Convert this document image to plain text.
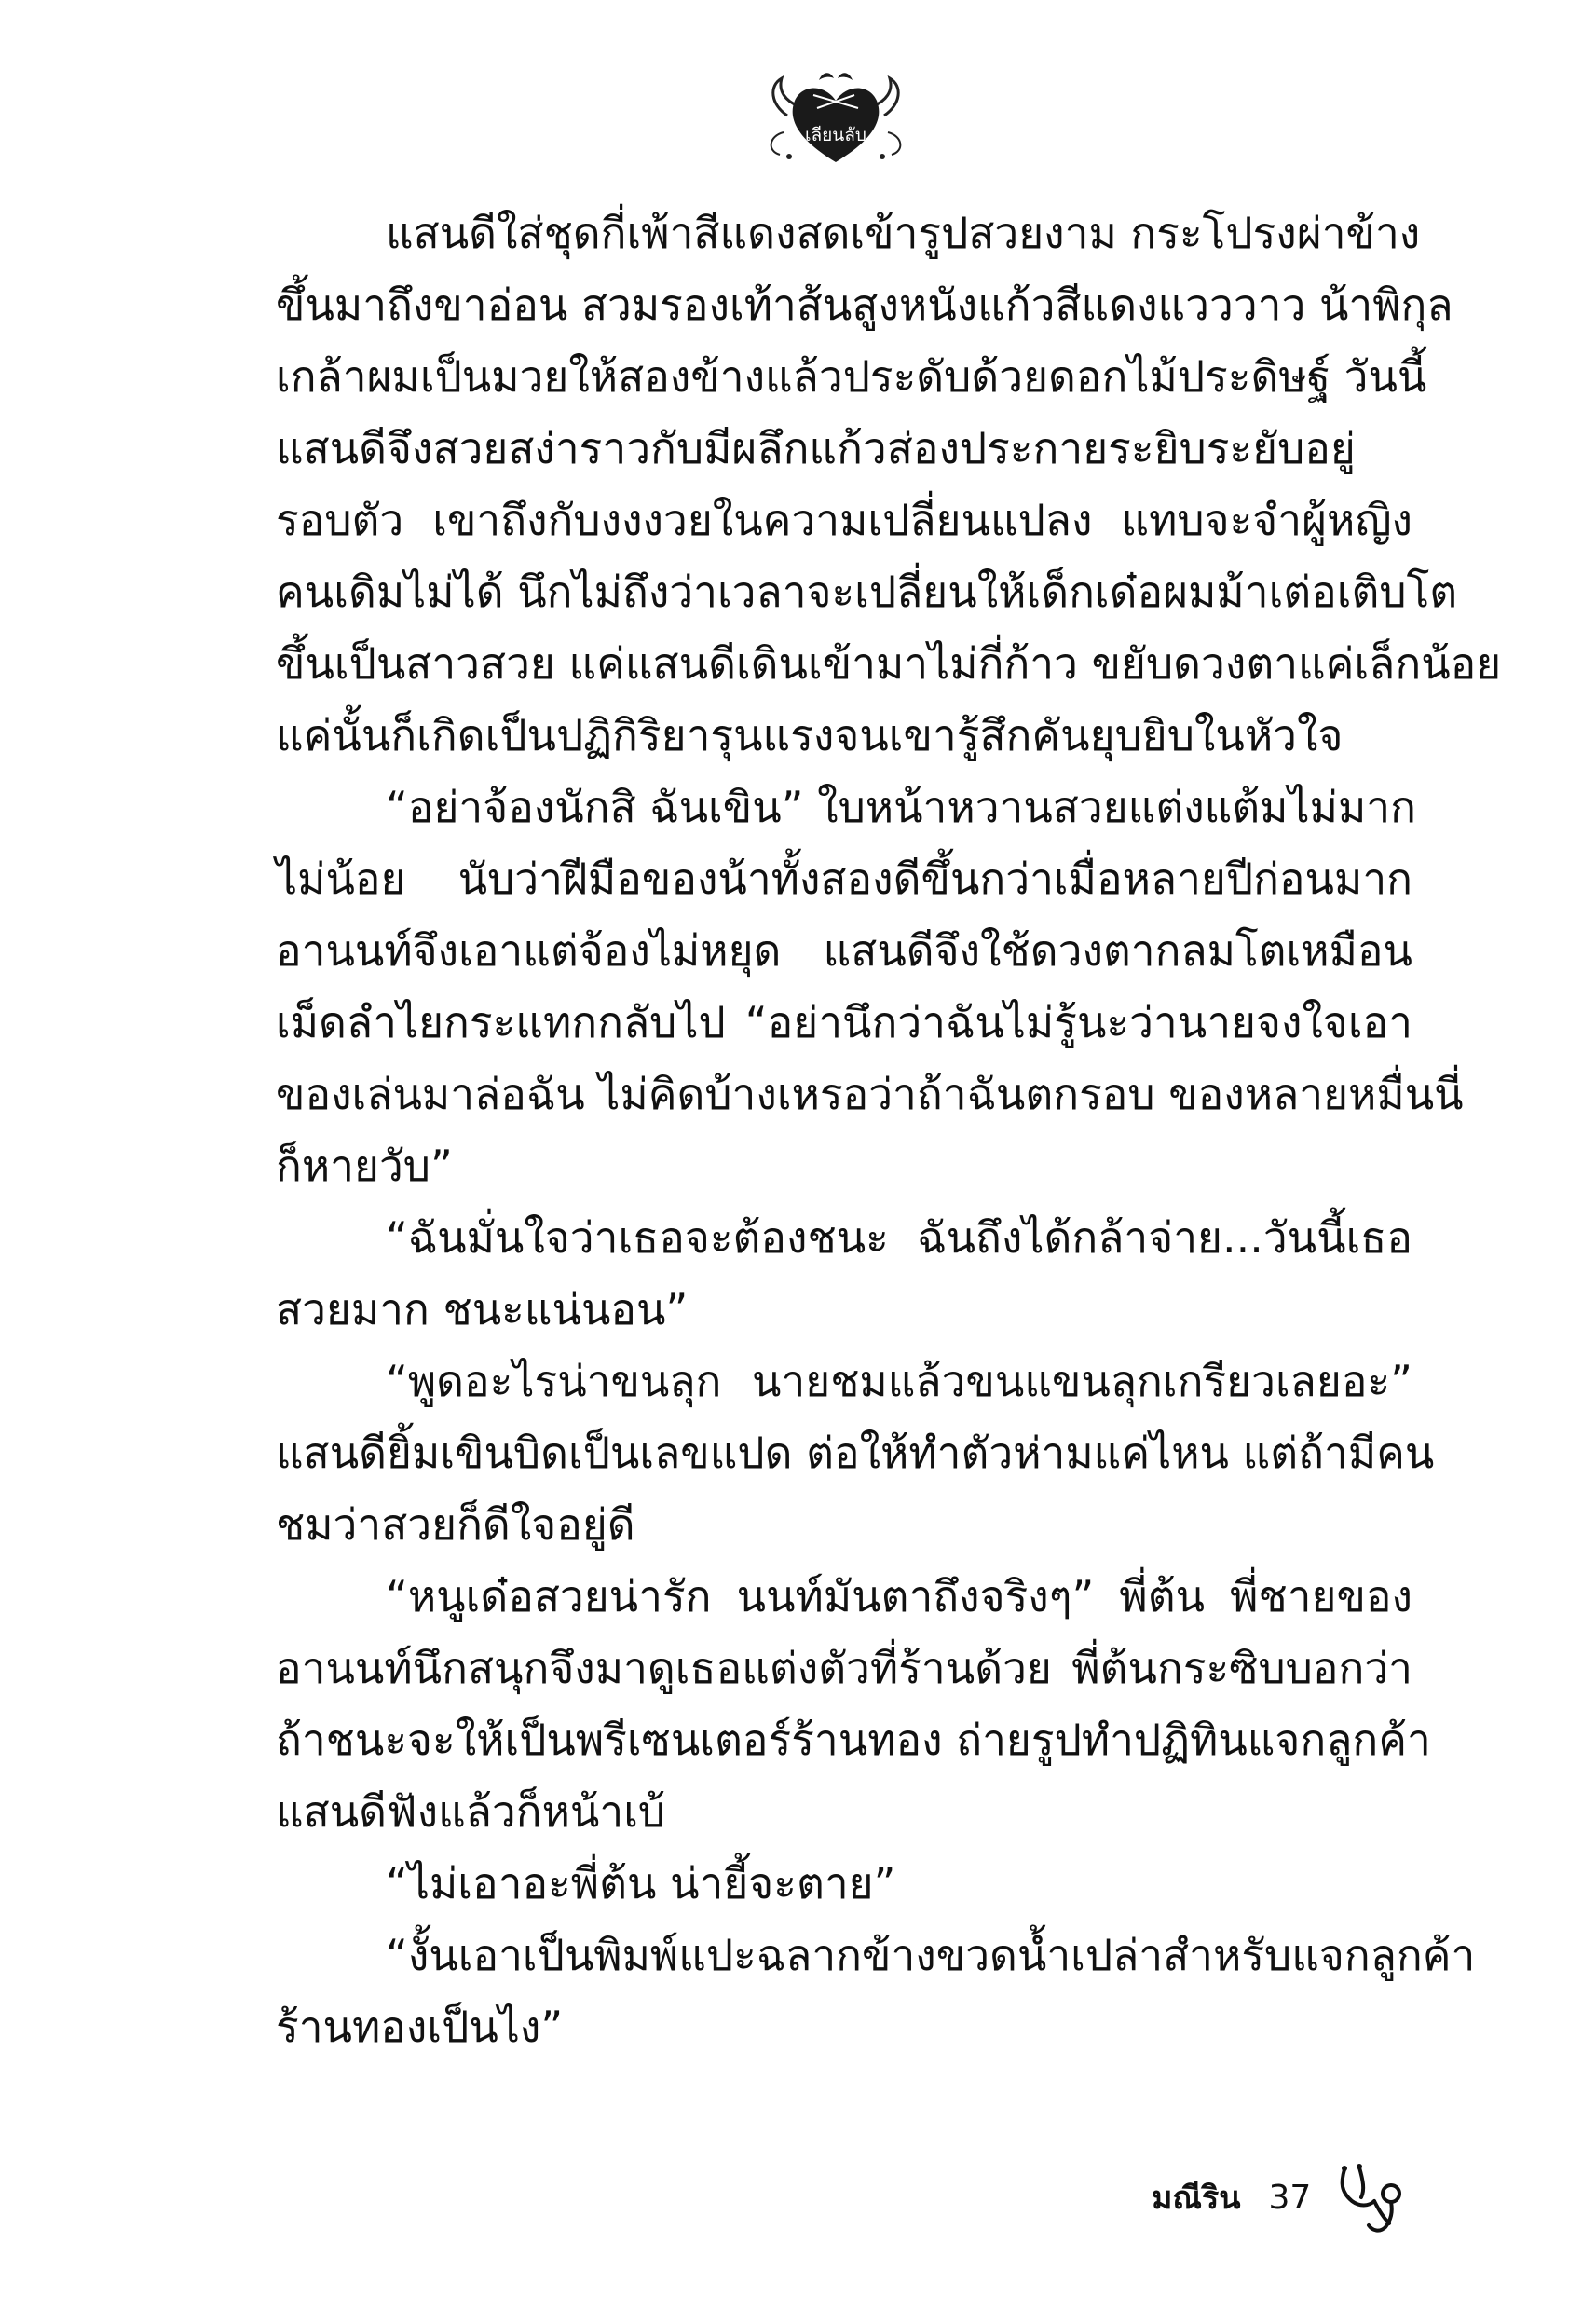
เลียนลับ
แสนดีใส่ชุดกี่เพ้าสีแดงสดเข้ารูปสวยงาม กระโปรงผ่าข้าง
ขึ้นมาถึงขาอ่อน สวมรองเท้าส้นสูงหนังแก้วสีแดงแวววาว น้าพิกุล
เกล้าผมเป็นมวยให้สองข้างแล้วประดับด้วยดอกไม้ประดิษฐ์ วันนี้
แสนดีจึงสวยสง่าราวกับมีผลึกแก้วส่องประกายระยิบระยับอยู่
รอบตัว เขาถึงกับงงงวยในความเปลี่ยนแปลง แทบจะจำผู้หญิง
คนเดิมไม่ได้ นึกไม่ถึงว่าเวลาจะเปลี่ยนให้เด็กเด๋อผมม้าเต่อเติบโต
ขึ้นเป็นสาวสวย แค่แสนดีเดินเข้ามาไม่กี่ก้าว ขยับดวงตาแค่เล็กน้อย
แค่นั้นก็เกิดเป็นปฏิกิริยารุนแรงจนเขารู้สึกคันยุบยิบในหัวใจ
“อย่าจ้องนักสิ ฉันเขิน” ใบหน้าหวานสวยแต่งแต้มไม่มาก
ไม่น้อย นับว่าฝีมือของน้าทั้งสองดีขึ้นกว่าเมื่อหลายปีก่อนมาก
อานนท์จึงเอาแต่จ้องไม่หยุด แสนดีจึงใช้ดวงตากลมโตเหมือน
เม็ดลำไยกระแทกกลับไป “อย่านึกว่าฉันไม่รู้นะว่านายจงใจเอา
ของเล่นมาล่อฉัน ไม่คิดบ้างเหรอว่าถ้าฉันตกรอบ ของหลายหมื่นนี่
ก็หายวับ”
“ฉันมั่นใจว่าเธอจะต้องชนะ ฉันถึงได้กล้าจ่าย...วันนี้เธอ
สวยมาก ชนะแน่นอน”
“พูดอะไรน่าขนลุก นายชมแล้วขนแขนลุกเกรียวเลยอะ”
แสนดียิ้มเขินบิดเป็นเลขแปด ต่อให้ทำตัวห่ามแค่ไหน แต่ถ้ามีคน
ชมว่าสวยก็ดีใจอยู่ดี
“หนูเด๋อสวยน่ารัก นนท์มันตาถึงจริงๆ” พี่ต้น พี่ชายของ
อานนท์นึกสนุกจึงมาดูเธอแต่งตัวที่ร้านด้วย พี่ต้นกระซิบบอกว่า
ถ้าชนะจะให้เป็นพรีเซนเตอร์ร้านทอง ถ่ายรูปทำปฏิทินแจกลูกค้า
แสนดีฟังแล้วก็หน้าเบ้
“ไม่เอาอะพี่ต้น น่ายี้จะตาย”
“งั้นเอาเป็นพิมพ์แปะฉลากข้างขวดน้ำเปล่าสำหรับแจกลูกค้า
ร้านทองเป็นไง”
มณีริน 37
